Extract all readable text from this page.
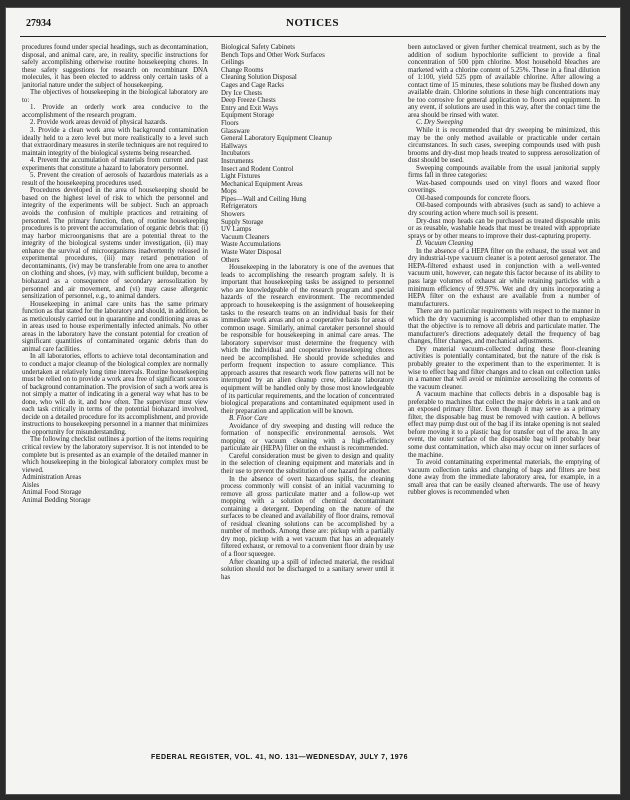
27934	NOTICES

procedures found under special headings, such as decontamination, disposal, and animal care, are, in reality, specific instructions for safely accomplishing otherwise routine housekeeping chores. In these safety suggestions for research on recombinant DNA molecules, it has been elected to address only certain tasks of a janitorial nature under the subject of housekeeping.

The objectives of housekeeping in the biological laboratory are to:

1. Provide an orderly work area conducive to the accomplishment of the research program.

2. Provide work areas devoid of physical hazards.

3. Provide a clean work area with background contamination ideally held to a zero level but more realistically to a level such that extraordinary measures in sterile techniques are not required to maintain integrity of the biological systems being researched.

4. Prevent the accumulation of materials from current and past experiments that constitute a hazard to laboratory personnel.

5. Prevent the creation of aerosols of hazardous materials as a result of the housekeeping procedures used.

Procedures developed in the area of housekeeping should be based on the highest level of risk to which the personnel and integrity of the experiments will be subject. Such an approach avoids the confusion of multiple practices and retraining of personnel. The primary function, then, of routine housekeeping procedures is to prevent the accumulation of organic debris that: (i) may harbor microorganisms that are a potential threat to the integrity of the biological systems under investigation, (ii) may enhance the survival of microorganisms inadvertently released in experimental procedures, (iii) may retard penetration of decontaminants, (iv) may be transferable from one area to another on clothing and shoes, (v) may, with sufficient buildup, become a biohazard as a consequence of secondary aerosolization by personnel and air movement, and (vi) may cause allergenic sensitization of personnel, e.g., to animal danders.

Housekeeping in animal care units has the same primary function as that stated for the laboratory and should, in addition, be as meticulously carried out in quarantine and conditioning areas as in areas used to house experimentally infected animals. No other areas in the laboratory have the constant potential for creation of significant quantities of contaminated organic debris than do animal care facilities.

In all laboratories, efforts to achieve total decontamination and to conduct a major cleanup of the biological complex are normally undertaken at relatively long time intervals. Routine housekeeping must be relied on to provide a work area free of significant sources of background contamination. The provision of such a work area is not simply a matter of indicating in a general way what has to be done, who will do it, and how often. The supervisor must view each task critically in terms of the potential biohazard involved, decide on a detailed procedure for its accomplishment, and provide instructions to housekeeping personnel in a manner that minimizes the opportunity for misunderstanding.

The following checklist outlines a portion of the items requiring critical review by the laboratory supervisor. It is not intended to be complete but is presented as an example of the detailed manner in which housekeeping in the biological laboratory complex must be viewed.

Administration Areas
Aisles
Animal Food Storage
Animal Bedding Storage
Biological Safety Cabinets
Bench Tops and Other Work Surfaces
Ceilings
Change Rooms
Cleaning Solution Disposal
Cages and Cage Racks
Dry Ice Chests
Deep Freeze Chests
Entry and Exit Ways
Equipment Storage
Floors
Glassware
General Laboratory Equipment Cleanup
Hallways
Incubators
Instruments
Insect and Rodent Control
Light Fixtures
Mechanical Equipment Areas
Mops
Pipes—Wall and Ceiling Hung
Refrigerators
Showers
Supply Storage
UV Lamps
Vacuum Cleaners
Waste Accumulations
Waste Water Disposal
Others

Housekeeping in the laboratory is one of the avenues that leads to accomplishing the research program safely. It is important that housekeeping tasks be assigned to personnel who are knowledgeable of the research program and special hazards of the research environment. The recommended approach to housekeeping is the assignment of housekeeping tasks to the research teams on an individual basis for their immediate work areas and on a cooperative basis for areas of common usage. Similarly, animal caretaker personnel should be responsible for housekeeping in animal care areas. The laboratory supervisor must determine the frequency with which the individual and cooperative housekeeping chores need be accomplished. He should provide schedules and perform frequent inspection to assure compliance. This approach assures that research work flow patterns will not be interrupted by an alien cleanup crew, delicate laboratory equipment will be handled only by those most knowledgeable of its particular requirements, and the location of concentrated biological preparations and contaminated equipment used in their preparation and application will be known.

B. Floor Care

Avoidance of dry sweeping and dusting will reduce the formation of nonspecific environmental aerosols. Wet mopping or vacuum cleaning with a high-efficiency particulate air (HEPA) filter on the exhaust is recommended.

Careful consideration must be given to design and quality in the selection of cleaning equipment and materials and in their use to prevent the substitution of one hazard for another.

In the absence of overt hazardous spills, the cleaning process commonly will consist of an initial vacuuming to remove all gross particulate matter and a follow-up wet mopping with a solution of chemical decontaminant containing a detergent. Depending on the nature of the surfaces to be cleaned and availability of floor drains, removal of residual cleaning solutions can be accomplished by a number of methods. Among these are: pickup with a partially dry mop, pickup with a wet vacuum that has an adequately filtered exhaust, or removal to a convenient floor drain by use of a floor squeegee.

After cleaning up a spill of infected material, the residual solution should not be discharged to a sanitary sewer until it has

been autoclaved or given further chemical treatment, such as by the addition of sodium hypochlorite sufficient to provide a final concentration of 500 ppm chlorine. Most household bleaches are marketed with a chlorine content of 5.25%. These in a final dilution of 1:100, yield 525 ppm of available chlorine. After allowing a contact time of 15 minutes, these solutions may be flushed down any available drain. Chlorine solutions in these high concentrations may be too corrosive for general application to floors and equipment. In any event, if solutions are used in this way, after the contact time the area should be rinsed with water.

C. Dry Sweeping

While it is recommended that dry sweeping be minimized, this may be the only method available or practicable under certain circumstances. In such cases, sweeping compounds used with push brooms and dry-dust mop heads treated to suppress aerosolization of dust should be used.

Sweeping compounds available from the usual janitorial supply firms fall in three categories:

Wax-based compounds used on vinyl floors and waxed floor coverings.

Oil-based compounds for concrete floors.

Oil-based compounds with abrasives (such as sand) to achieve a dry scouring action where much soil is present.

Dry-dust mop heads can be purchased as treated disposable units or as reusable, washable heads that must be treated with appropriate sprays or by other means to improve their dust-capturing property.

D. Vacuum Cleaning

In the absence of a HEPA filter on the exhaust, the usual wet and dry industrial-type vacuum cleaner is a potent aerosol generator. The HEPA-filtered exhaust used in conjunction with a well-vented vacuum unit, however, can negate this factor because of its ability to pass large volumes of exhaust air while retaining particles with a minimum efficiency of 99.97%. Wet and dry units incorporating a HEPA filter on the exhaust are available from a number of manufacturers.

There are no particular requirements with respect to the manner in which the dry vacuuming is accomplished other than to emphasize that the objective is to remove all debris and particulate matter. The manufacturer's directions adequately detail the frequency of bag changes, filter changes, and mechanical adjustments.

Dry material vacuum-collected during these floor-cleaning activities is potentially contaminated, but the nature of the risk is probably greater to the experiment than to the experimenter. It is wise to effect bag and filter changes and to clean out collection tanks in a manner that will avoid or minimize aerosolizing the contents of the vacuum cleaner.

A vacuum machine that collects debris in a disposable bag is preferable to machines that collect the major debris in a tank and on an exposed primary filter. Even though it may serve as a primary filter, the disposable bag must be removed with caution. A bellows effect may pump dust out of the bag if its intake opening is not sealed before moving it to a plastic bag for transfer out of the area. In any event, the outer surface of the disposable bag will probably bear some dust contamination, which also may occur on inner surfaces of the machine.

To avoid contaminating experimental materials, the emptying of vacuum collection tanks and changing of bags and filters are best done away from the immediate laboratory area, for example, in a small area that can be easily cleaned afterwards. The use of heavy rubber gloves is recommended when

FEDERAL REGISTER, VOL. 41, NO. 131—WEDNESDAY, JULY 7, 1976
